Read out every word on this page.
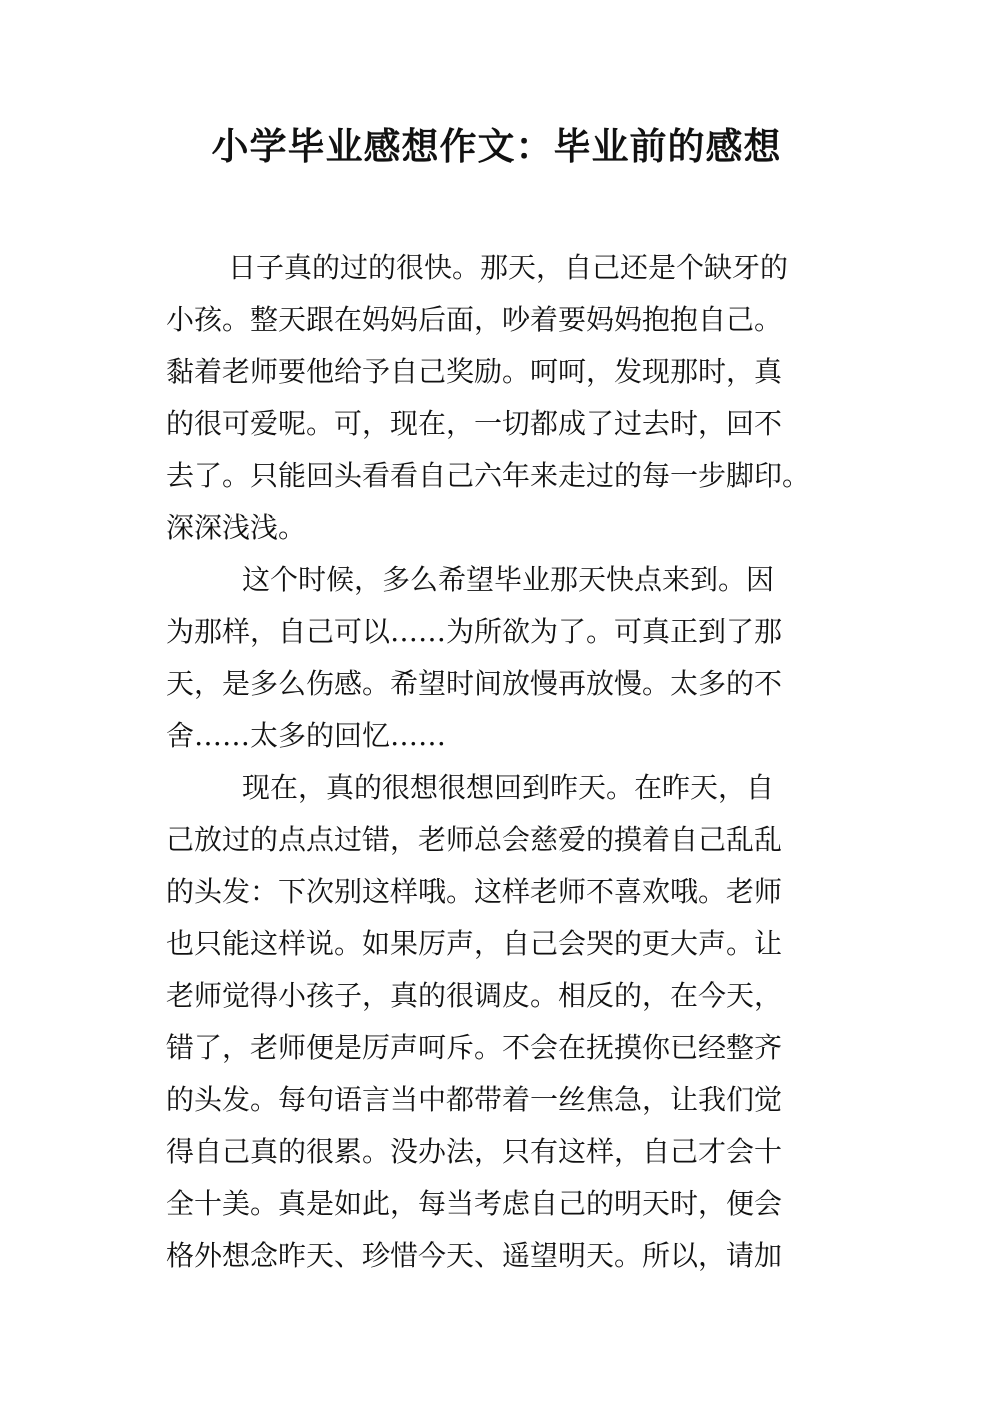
小学毕业感想作文：毕业前的感想
日子真的过的很快。那天，自己还是个缺牙的
小孩。整天跟在妈妈后面，吵着要妈妈抱抱自己。
黏着老师要他给予自己奖励。呵呵，发现那时，真
的很可爱呢。可，现在，一切都成了过去时，回不
去了。只能回头看看自己六年来走过的每一步脚印。
深深浅浅。
这个时候，多么希望毕业那天快点来到。因
为那样，自己可以……为所欲为了。可真正到了那
天，是多么伤感。希望时间放慢再放慢。太多的不
舍……太多的回忆……
现在，真的很想很想回到昨天。在昨天，自
己放过的点点过错，老师总会慈爱的摸着自己乱乱
的头发：下次别这样哦。这样老师不喜欢哦。老师
也只能这样说。如果厉声，自己会哭的更大声。让
老师觉得小孩子，真的很调皮。相反的，在今天，
错了，老师便是厉声呵斥。不会在抚摸你已经整齐
的头发。每句语言当中都带着一丝焦急，让我们觉
得自己真的很累。没办法，只有这样，自己才会十
全十美。真是如此，每当考虑自己的明天时，便会
格外想念昨天、珍惜今天、遥望明天。所以，请加
